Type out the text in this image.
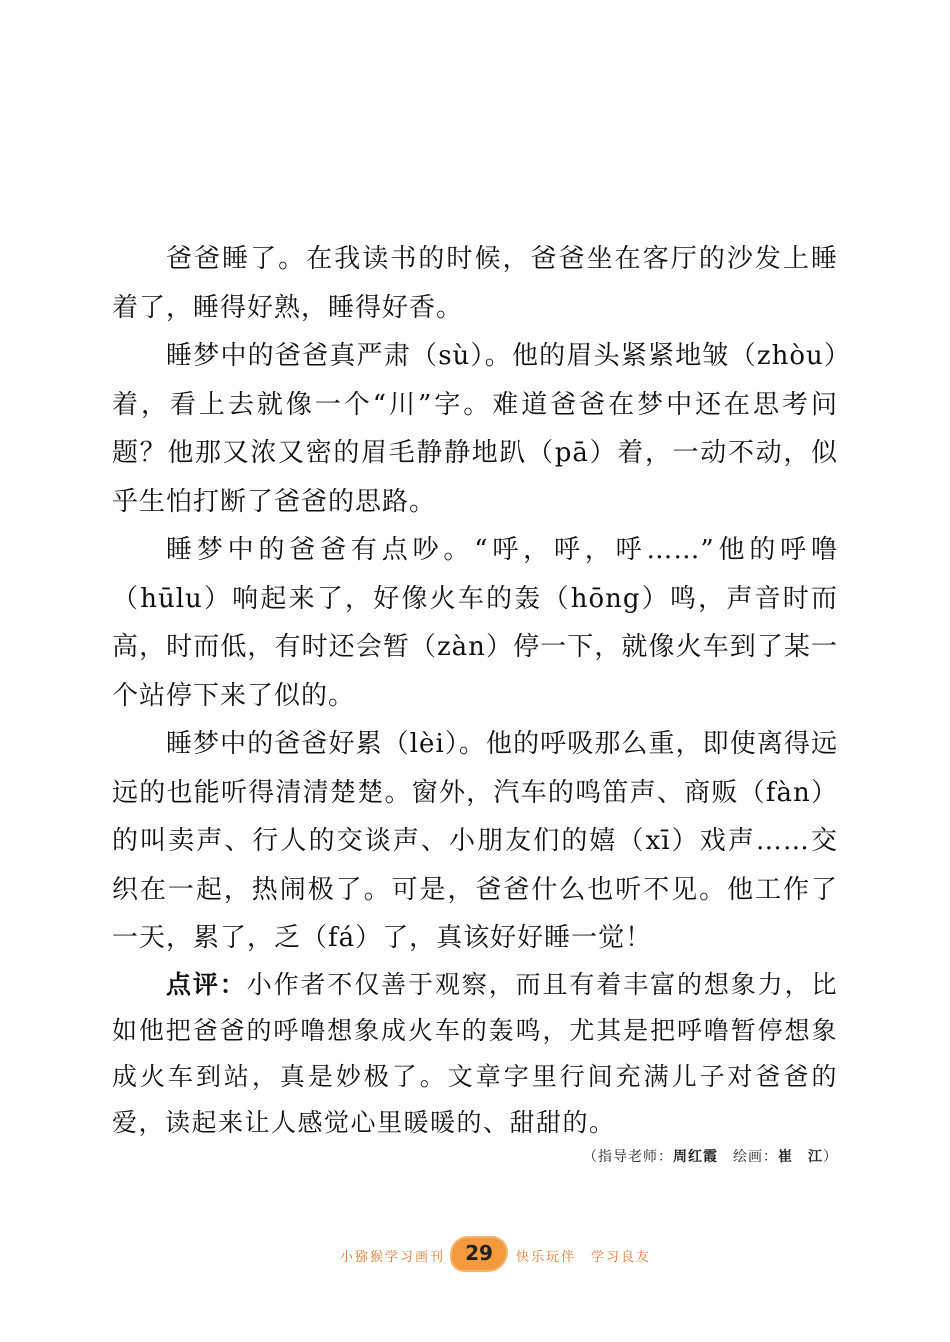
爸爸睡了。在我读书的时候，爸爸坐在客厅的沙发上睡着了，睡得好熟，睡得好香。

睡梦中的爸爸真严肃（sù）。他的眉头紧紧地皱（zhòu）着，看上去就像一个“川”字。难道爸爸在梦中还在思考问题？他那又浓又密的眉毛静静地趴（pā）着，一动不动，似乎生怕打断了爸爸的思路。

睡梦中的爸爸有点吵。“呼，呼，呼……”他的呼噜（hūlu）响起来了，好像火车的轰（hōng）鸣，声音时而高，时而低，有时还会暂（zàn）停一下，就像火车到了某一个站停下来了似的。

睡梦中的爸爸好累（lèi）。他的呼吸那么重，即使离得远远的也能听得清清楚楚。窗外，汽车的鸣笛声、商贩（fàn）的叫卖声、行人的交谈声、小朋友们的嬉（xī）戏声……交织在一起，热闹极了。可是，爸爸什么也听不见。他工作了一天，累了，乏（fá）了，真该好好睡一觉！

点评：小作者不仅善于观察，而且有着丰富的想象力，比如他把爸爸的呼噜想象成火车的轰鸣，尤其是把呼噜暂停想象成火车到站，真是妙极了。文章字里行间充满儿子对爸爸的爱，读起来让人感觉心里暖暖的、甜甜的。

（指导老师：周红霞　 绘画：崔　江）
小猕猴学习画刊	29	快乐玩伴　学习良友
